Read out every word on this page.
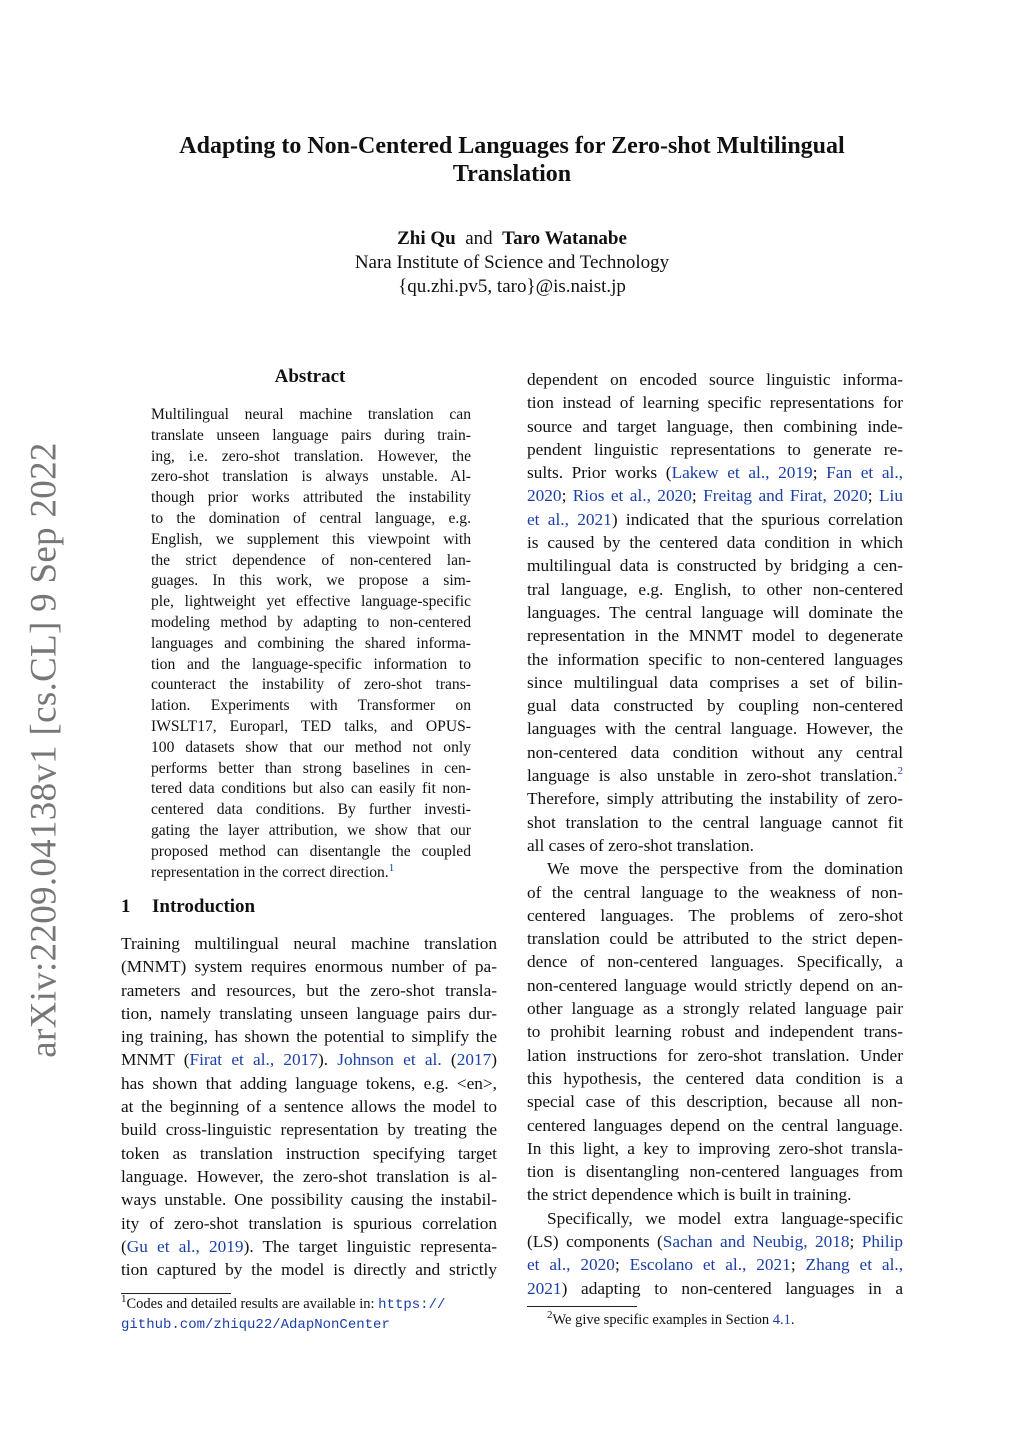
arXiv:2209.04138v1 [cs.CL] 9 Sep 2022
Adapting to Non-Centered Languages for Zero-shot Multilingual
Translation
Zhi Qu and Taro Watanabe
Nara Institute of Science and Technology
{qu.zhi.pv5, taro}@is.naist.jp
Abstract
Multilingual neural machine translation can
translate unseen language pairs during train-
ing, i.e. zero-shot translation. However, the
zero-shot translation is always unstable. Al-
though prior works attributed the instability
to the domination of central language, e.g.
English, we supplement this viewpoint with
the strict dependence of non-centered lan-
guages. In this work, we propose a sim-
ple, lightweight yet effective language-specific
modeling method by adapting to non-centered
languages and combining the shared informa-
tion and the language-specific information to
counteract the instability of zero-shot trans-
lation. Experiments with Transformer on
IWSLT17, Europarl, TED talks, and OPUS-
100 datasets show that our method not only
performs better than strong baselines in cen-
tered data conditions but also can easily fit non-
centered data conditions. By further investi-
gating the layer attribution, we show that our
proposed method can disentangle the coupled
representation in the correct direction.$^1$
1 Introduction
Training multilingual neural machine translation
(MNMT) system requires enormous number of pa-
rameters and resources, but the zero-shot transla-
tion, namely translating unseen language pairs dur-
ing training, has shown the potential to simplify the
MNMT (Firat et al., 2017). Johnson et al. (2017)
has shown that adding language tokens, e.g. <en>,
at the beginning of a sentence allows the model to
build cross-linguistic representation by treating the
token as translation instruction specifying target
language. However, the zero-shot translation is al-
ways unstable. One possibility causing the instabil-
ity of zero-shot translation is spurious correlation
(Gu et al., 2019). The target linguistic representa-
tion captured by the model is directly and strictly
$^1$Codes and detailed results are available in: https://
github.com/zhiqu22/AdapNonCenter
dependent on encoded source linguistic informa-
tion instead of learning specific representations for
source and target language, then combining inde-
pendent linguistic representations to generate re-
sults. Prior works (Lakew et al., 2019; Fan et al.,
2020; Rios et al., 2020; Freitag and Firat, 2020; Liu
et al., 2021) indicated that the spurious correlation
is caused by the centered data condition in which
multilingual data is constructed by bridging a cen-
tral language, e.g. English, to other non-centered
languages. The central language will dominate the
representation in the MNMT model to degenerate
the information specific to non-centered languages
since multilingual data comprises a set of bilin-
gual data constructed by coupling non-centered
languages with the central language. However, the
non-centered data condition without any central
language is also unstable in zero-shot translation.$^2$
Therefore, simply attributing the instability of zero-
shot translation to the central language cannot fit
all cases of zero-shot translation.
We move the perspective from the domination
of the central language to the weakness of non-
centered languages. The problems of zero-shot
translation could be attributed to the strict depen-
dence of non-centered languages. Specifically, a
non-centered language would strictly depend on an-
other language as a strongly related language pair
to prohibit learning robust and independent trans-
lation instructions for zero-shot translation. Under
this hypothesis, the centered data condition is a
special case of this description, because all non-
centered languages depend on the central language.
In this light, a key to improving zero-shot transla-
tion is disentangling non-centered languages from
the strict dependence which is built in training.
Specifically, we model extra language-specific
(LS) components (Sachan and Neubig, 2018; Philip
et al., 2020; Escolano et al., 2021; Zhang et al.,
2021) adapting to non-centered languages in a
$^2$We give specific examples in Section 4.1.
